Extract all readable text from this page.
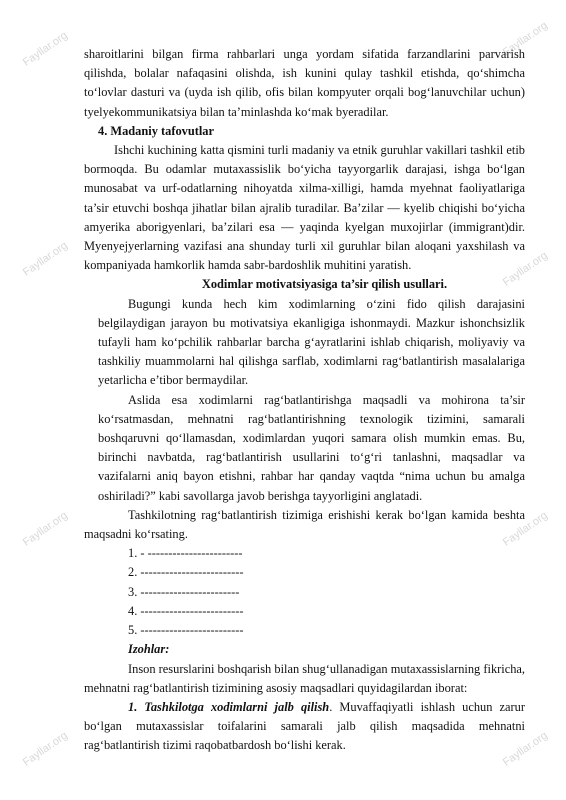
Fayllar.org	Fayllar.org
Fayllar.org	Fayllar.org
Fayllar.org	Fayllar.org
Fayllar.org	Fayllar.org

sharoitlarini bilgan firma rahbarlari unga yordam sifatida farzandlarini parvarish qilishda, bolalar nafaqasini olishda, ish kunini qulay tashkil etishda, qo‘shimcha to‘lovlar dasturi va (uyda ish qilib, ofis bilan kompyuter orqali bog‘lanuvchilar uchun) tyelyekommunikatsiya bilan ta’minlashda ko‘mak byeradilar.

4. Madaniy tafovutlar

Ishchi kuchining katta qismini turli madaniy va etnik guruhlar vakillari tashkil etib bormoqda. Bu odamlar mutaxassislik bo‘yicha tayyorgarlik darajasi, ishga bo‘lgan munosabat va urf-odatlarning nihoyatda xilma-xilligi, hamda myehnat faoliyatlariga ta’sir etuvchi boshqa jihatlar bilan ajralib turadilar. Ba’zilar — kyelib chiqishi bo‘yicha amyerika aborigyenlari, ba’zilari esa — yaqinda kyelgan muxojirlar (immigrant)dir. Myenyejyerlarning vazifasi ana shunday turli xil guruhlar bilan aloqani yaxshilash va kompaniyada hamkorlik hamda sabr-bardoshlik muhitini yaratish.

Xodimlar motivatsiyasiga ta’sir qilish usullari.

Bugungi kunda hech kim xodimlarning o‘zini fido qilish darajasini belgilaydigan jarayon bu motivatsiya ekanligiga ishonmaydi. Mazkur ishonchsizlik tufayli ham ko‘pchilik rahbarlar barcha g‘ayratlarini ishlab chiqarish, moliyaviy va tashkiliy muammolarni hal qilishga sarflab, xodimlarni rag‘batlantirish masalalariga yetarlicha e’tibor bermaydilar.

Aslida esa xodimlarni rag‘batlantirishga maqsadli va mohirona ta’sir ko‘rsatmasdan, mehnatni rag‘batlantirishning texnologik tizimini, samarali boshqaruvni qo‘llamasdan, xodimlardan yuqori samara olish mumkin emas. Bu, birinchi navbatda, rag‘batlantirish usullarini to‘g‘ri tanlashni, maqsadlar va vazifalarni aniq bayon etishni, rahbar har qanday vaqtda “nima uchun bu amalga oshiriladi?” kabi savollarga javob berishga tayyorligini anglatadi.

Tashkilotning rag‘batlantirish tizimiga erishishi kerak bo‘lgan kamida beshta maqsadni ko‘rsating.

1. - -----------------------
2. -------------------------
3. ------------------------
4. -------------------------
5. -------------------------

Izohlar:

Inson resurslarini boshqarish bilan shug‘ullanadigan mutaxassislarning fikricha, mehnatni rag‘batlantirish tizimining asosiy maqsadlari quyidagilardan iborat:

1. Tashkilotga xodimlarni jalb qilish. Muvaffaqiyatli ishlash uchun zarur bo‘lgan mutaxassislar toifalarini samarali jalb qilish maqsadida mehnatni rag‘batlantirish tizimi raqobatbardosh bo‘lishi kerak.
